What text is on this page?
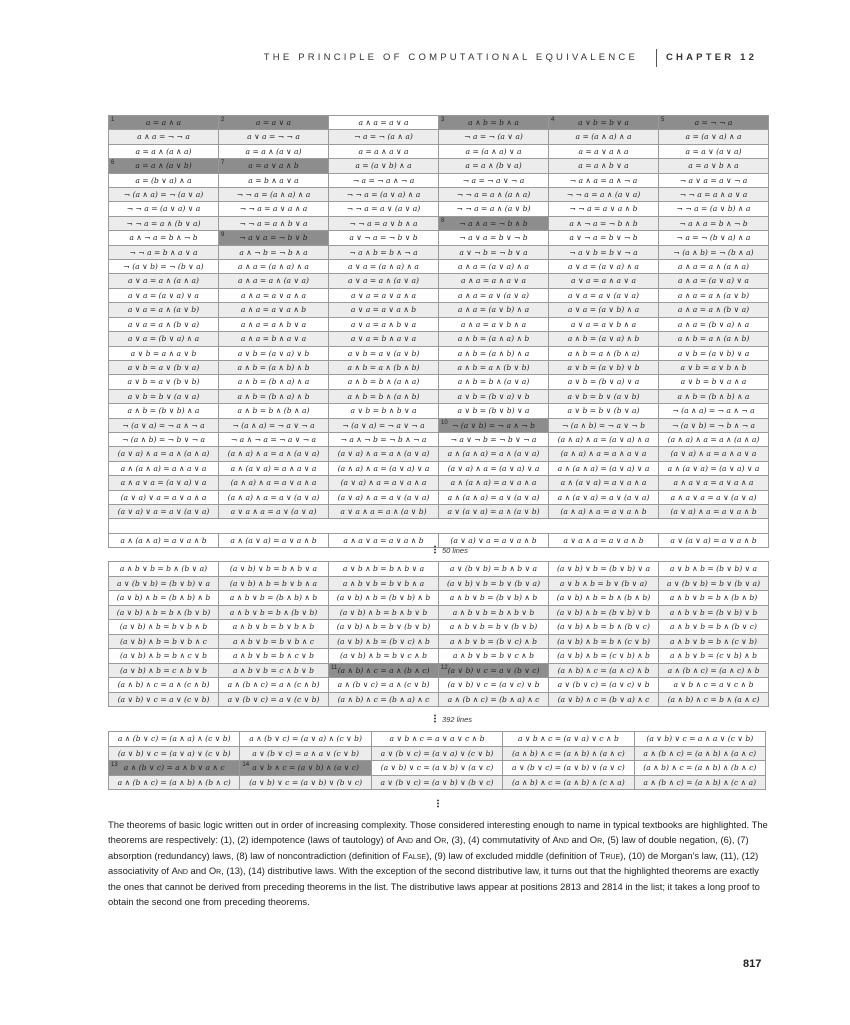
THE PRINCIPLE OF COMPUTATIONAL EQUIVALENCE	CHAPTER 12
1	a = a ∧ a	2	a = a ∨ a	a ∧ a = a ∨ a	3	a ∧ b = b ∧ a	4	a ∨ b = b ∨ a	5	a = ¬ ¬ a
a ∧ a = ¬ ¬ a	a ∨ a = ¬ ¬ a	¬ a = ¬ (a ∧ a)	¬ a = ¬ (a ∨ a)	a = (a ∧ a) ∧ a	a = (a ∨ a) ∧ a
a = a ∧ (a ∧ a)	a = a ∧ (a ∨ a)	a = a ∧ a ∨ a	a = (a ∧ a) ∨ a	a = a ∨ a ∧ a	a = a ∨ (a ∨ a)
6	a = a ∧ (a ∨ b)	7	a = a ∨ a ∧ b	a = (a ∨ b) ∧ a	a = a ∧ (b ∨ a)	a = a ∧ b ∨ a	a = a ∨ b ∧ a
a = (b ∨ a) ∧ a	a = b ∧ a ∨ a	¬ a = ¬ a ∧ ¬ a	¬ a = ¬ a ∨ ¬ a	¬ a ∧ a = a ∧ ¬ a	¬ a ∨ a = a ∨ ¬ a
¬ (a ∧ a) = ¬ (a ∨ a)	¬ ¬ a = (a ∧ a) ∧ a	¬ ¬ a = (a ∨ a) ∧ a	¬ ¬ a = a ∧ (a ∧ a)	¬ ¬ a = a ∧ (a ∨ a)	¬ ¬ a = a ∧ a ∨ a
¬ ¬ a = (a ∨ a) ∨ a	¬ ¬ a = a ∨ a ∧ a	¬ ¬ a = a ∨ (a ∨ a)	¬ ¬ a = a ∧ (a ∨ b)	¬ ¬ a = a ∨ a ∧ b	¬ ¬ a = (a ∨ b) ∧ a
¬ ¬ a = a ∧ (b ∨ a)	¬ ¬ a = a ∧ b ∨ a	¬ ¬ a = a ∨ b ∧ a	8 ¬ a ∧ a = ¬ b ∧ b	a ∧ ¬ a = ¬ b ∧ b	¬ a ∧ a = b ∧ ¬ b
a ∧ ¬ a = b ∧ ¬ b	9 ¬ a ∨ a = ¬ b ∨ b	a ∨ ¬ a = ¬ b ∨ b	¬ a ∨ a = b ∨ ¬ b	a ∨ ¬ a = b ∨ ¬ b	¬ a = ¬ (b ∨ a) ∧ a
¬ ¬ a = b ∧ a ∨ a	a ∧ ¬ b = ¬ b ∧ a	¬ a ∧ b = b ∧ ¬ a	a ∨ ¬ b = ¬ b ∨ a	¬ a ∨ b = b ∨ ¬ a	¬ (a ∧ b) = ¬ (b ∧ a)
¬ (a ∨ b) = ¬ (b ∨ a)	a ∧ a = (a ∧ a) ∧ a	a ∨ a = (a ∧ a) ∧ a	a ∧ a = (a ∨ a) ∧ a	a ∨ a = (a ∨ a) ∧ a	a ∧ a = a ∧ (a ∧ a)
a ∨ a = a ∧ (a ∧ a)	a ∧ a = a ∧ (a ∨ a)	a ∨ a = a ∧ (a ∨ a)	a ∧ a = a ∧ a ∨ a	a ∨ a = a ∧ a ∨ a	a ∧ a = (a ∨ a) ∨ a
a ∨ a = (a ∨ a) ∨ a	a ∧ a = a ∨ a ∧ a	a ∨ a = a ∨ a ∧ a	a ∧ a = a ∨ (a ∨ a)	a ∨ a = a ∨ (a ∨ a)	a ∧ a = a ∧ (a ∨ b)
a ∨ a = a ∧ (a ∨ b)	a ∧ a = a ∨ a ∧ b	a ∨ a = a ∨ a ∧ b	a ∧ a = (a ∨ b) ∧ a	a ∨ a = (a ∨ b) ∧ a	a ∧ a = a ∧ (b ∨ a)
a ∨ a = a ∧ (b ∨ a)	a ∧ a = a ∧ b ∨ a	a ∨ a = a ∧ b ∨ a	a ∧ a = a ∨ b ∧ a	a ∨ a = a ∨ b ∧ a	a ∧ a = (b ∨ a) ∧ a
a ∨ a = (b ∨ a) ∧ a	a ∧ a = b ∧ a ∨ a	a ∨ a = b ∧ a ∨ a	a ∧ b = (a ∧ a) ∧ b	a ∧ b = (a ∨ a) ∧ b	a ∧ b = a ∧ (a ∧ b)
a ∨ b = a ∧ a ∨ b	a ∨ b = (a ∨ a) ∨ b	a ∨ b = a ∨ (a ∨ b)	a ∧ b = (a ∧ b) ∧ a	a ∧ b = a ∧ (b ∧ a)	a ∨ b = (a ∨ b) ∨ a
a ∨ b = a ∨ (b ∨ a)	a ∧ b = (a ∧ b) ∧ b	a ∧ b = a ∧ (b ∧ b)	a ∧ b = a ∧ (b ∨ b)	a ∨ b = (a ∨ b) ∨ b	a ∨ b = a ∨ b ∧ b
a ∨ b = a ∨ (b ∨ b)	a ∧ b = (b ∧ a) ∧ a	a ∧ b = b ∧ (a ∧ a)	a ∧ b = b ∧ (a ∨ a)	a ∨ b = (b ∨ a) ∨ a	a ∨ b = b ∨ a ∧ a
a ∨ b = b ∨ (a ∨ a)	a ∧ b = (b ∧ a) ∧ b	a ∧ b = b ∧ (a ∧ b)	a ∨ b = (b ∨ a) ∨ b	a ∨ b = b ∨ (a ∨ b)	a ∧ b = (b ∧ b) ∧ a
a ∧ b = (b ∨ b) ∧ a	a ∧ b = b ∧ (b ∧ a)	a ∨ b = b ∧ b ∨ a	a ∨ b = (b ∨ b) ∨ a	a ∨ b = b ∨ (b ∨ a)	¬ (a ∧ a) = ¬ a ∧ ¬ a
¬ (a ∨ a) = ¬ a ∧ ¬ a	¬ (a ∧ a) = ¬ a ∨ ¬ a	¬ (a ∨ a) = ¬ a ∨ ¬ a	10 ¬ (a ∨ b) = ¬ a ∧ ¬ b	¬ (a ∧ b) = ¬ a ∨ ¬ b	¬ (a ∨ b) = ¬ b ∧ ¬ a
¬ (a ∧ b) = ¬ b ∨ ¬ a	¬ a ∧ ¬ a = ¬ a ∨ ¬ a	¬ a ∧ ¬ b = ¬ b ∧ ¬ a	¬ a ∨ ¬ b = ¬ b ∨ ¬ a	(a ∧ a) ∧ a = (a ∨ a) ∧ a	(a ∧ a) ∧ a = a ∧ (a ∧ a)
(a ∨ a) ∧ a = a ∧ (a ∧ a)	(a ∧ a) ∧ a = a ∧ (a ∨ a)	(a ∨ a) ∧ a = a ∧ (a ∨ a)	a ∧ (a ∧ a) = a ∧ (a ∨ a)	(a ∧ a) ∧ a = a ∧ a ∨ a	(a ∨ a) ∧ a = a ∧ a ∨ a
a ∧ (a ∧ a) = a ∧ a ∨ a	a ∧ (a ∨ a) = a ∧ a ∨ a	(a ∧ a) ∧ a = (a ∨ a) ∨ a	(a ∨ a) ∧ a = (a ∨ a) ∨ a	a ∧ (a ∧ a) = (a ∨ a) ∨ a	a ∧ (a ∨ a) = (a ∨ a) ∨ a
a ∧ a ∨ a = (a ∨ a) ∨ a	(a ∧ a) ∧ a = a ∨ a ∧ a	(a ∨ a) ∧ a = a ∨ a ∧ a	a ∧ (a ∧ a) = a ∨ a ∧ a	a ∧ (a ∨ a) = a ∨ a ∧ a	a ∧ a ∨ a = a ∨ a ∧ a
(a ∨ a) ∨ a = a ∨ a ∧ a	(a ∧ a) ∧ a = a ∨ (a ∨ a)	(a ∨ a) ∧ a = a ∨ (a ∨ a)	a ∧ (a ∧ a) = a ∨ (a ∨ a)	a ∧ (a ∨ a) = a ∨ (a ∨ a)	a ∧ a ∨ a = a ∨ (a ∨ a)
(a ∨ a) ∨ a = a ∨ (a ∨ a)	a ∨ a ∧ a = a ∨ (a ∨ a)	a ∨ a ∧ a = a ∧ (a ∨ b)	a ∨ (a ∨ a) = a ∧ (a ∨ b)	(a ∧ a) ∧ a = a ∨ a ∧ b	(a ∨ a) ∧ a = a ∨ a ∧ b
a ∧ (a ∧ a) = a ∨ a ∧ b	a ∧ (a ∨ a) = a ∨ a ∧ b	a ∧ a ∨ a = a ∨ a ∧ b	(a ∨ a) ∨ a = a ∨ a ∧ b	a ∨ a ∧ a = a ∨ a ∧ b	a ∨ (a ∨ a) = a ∨ a ∧ b
50 lines
a ∧ b ∨ b = b ∧ (b ∨ a)	(a ∨ b) ∨ b = b ∧ b ∨ a	a ∨ b ∧ b = b ∧ b ∨ a	a ∨ (b ∨ b) = b ∧ b ∨ a	(a ∨ b) ∨ b = (b ∨ b) ∨ a	a ∨ b ∧ b = (b ∨ b) ∨ a
a ∨ (b ∨ b) = (b ∨ b) ∨ a	(a ∨ b) ∧ b = b ∨ b ∧ a	a ∧ b ∨ b = b ∨ b ∧ a	(a ∨ b) ∨ b = b ∨ (b ∨ a)	a ∨ b ∧ b = b ∨ (b ∨ a)	a ∨ (b ∨ b) = b ∨ (b ∨ a)
(a ∨ b) ∧ b = (b ∧ b) ∧ b	a ∧ b ∨ b = (b ∧ b) ∧ b	(a ∨ b) ∧ b = (b ∨ b) ∧ b	a ∧ b ∨ b = (b ∨ b) ∧ b	(a ∨ b) ∧ b = b ∧ (b ∧ b)	a ∧ b ∨ b = b ∧ (b ∧ b)
(a ∨ b) ∧ b = b ∧ (b ∨ b)	a ∧ b ∨ b = b ∧ (b ∨ b)	(a ∨ b) ∧ b = b ∧ b ∨ b	a ∧ b ∨ b = b ∧ b ∨ b	(a ∨ b) ∧ b = (b ∨ b) ∨ b	a ∧ b ∨ b = (b ∨ b) ∨ b
(a ∨ b) ∧ b = b ∨ b ∧ b	a ∧ b ∨ b = b ∨ b ∧ b	(a ∨ b) ∧ b = b ∨ (b ∨ b)	a ∧ b ∨ b = b ∨ (b ∨ b)	(a ∨ b) ∧ b = b ∧ (b ∨ c)	a ∧ b ∨ b = b ∧ (b ∨ c)
(a ∨ b) ∧ b = b ∨ b ∧ c	a ∧ b ∨ b = b ∨ b ∧ c	(a ∨ b) ∧ b = (b ∨ c) ∧ b	a ∧ b ∨ b = (b ∨ c) ∧ b	(a ∨ b) ∧ b = b ∧ (c ∨ b)	a ∧ b ∨ b = b ∧ (c ∨ b)
(a ∨ b) ∧ b = b ∧ c ∨ b	a ∧ b ∨ b = b ∧ c ∨ b	(a ∨ b) ∧ b = b ∨ c ∧ b	a ∧ b ∨ b = b ∨ c ∧ b	(a ∨ b) ∧ b = (c ∨ b) ∧ b	a ∧ b ∨ b = (c ∨ b) ∧ b
(a ∨ b) ∧ b = c ∧ b ∨ b	a ∧ b ∨ b = c ∧ b ∨ b	11 (a ∧ b) ∧ c = a ∧ (b ∧ c)	12 (a ∨ b) ∨ c = a ∨ (b ∨ c)	(a ∧ b) ∧ c = (a ∧ c) ∧ b	a ∧ (b ∧ c) = (a ∧ c) ∧ b
(a ∧ b) ∧ c = a ∧ (c ∧ b)	a ∧ (b ∧ c) = a ∧ (c ∧ b)	a ∧ (b ∨ c) = a ∧ (c ∨ b)	(a ∨ b) ∨ c = (a ∨ c) ∨ b	a ∨ (b ∨ c) = (a ∨ c) ∨ b	a ∨ b ∧ c = a ∨ c ∧ b
(a ∨ b) ∨ c = a ∨ (c ∨ b)	a ∨ (b ∨ c) = a ∨ (c ∨ b)	(a ∧ b) ∧ c = (b ∧ a) ∧ c	a ∧ (b ∧ c) = (b ∧ a) ∧ c	(a ∨ b) ∧ c = (b ∨ a) ∧ c	(a ∧ b) ∧ c = b ∧ (a ∧ c)
392 lines
a ∧ (b ∨ c) = (a ∧ a) ∧ (c ∨ b)	a ∧ (b ∨ c) = (a ∨ a) ∧ (c ∨ b)	a ∨ b ∧ c = a ∨ a ∨ c ∧ b	a ∨ b ∧ c = (a ∨ a) ∨ c ∧ b	(a ∨ b) ∨ c = a ∧ a ∨ (c ∨ b)
(a ∨ b) ∨ c = (a ∨ a) ∨ (c ∨ b)	a ∨ (b ∨ c) = a ∧ a ∨ (c ∨ b)	a ∨ (b ∨ c) = (a ∨ a) ∨ (c ∨ b)	(a ∧ b) ∧ c = (a ∧ b) ∧ (a ∧ c)	a ∧ (b ∧ c) = (a ∧ b) ∧ (a ∧ c)
13 a ∧ (b ∨ c) = a ∧ b ∨ a ∧ c	14 a ∨ b ∧ c = (a ∨ b) ∧ (a ∨ c)	(a ∨ b) ∨ c = (a ∨ b) ∨ (a ∨ c)	a ∨ (b ∨ c) = (a ∨ b) ∨ (a ∨ c)	(a ∧ b) ∧ c = (a ∧ b) ∧ (b ∧ c)
a ∧ (b ∧ c) = (a ∧ b) ∧ (b ∧ c)	(a ∨ b) ∨ c = (a ∨ b) ∨ (b ∨ c)	a ∨ (b ∨ c) = (a ∨ b) ∨ (b ∨ c)	(a ∧ b) ∧ c = (a ∧ b) ∧ (c ∧ a)	a ∧ (b ∧ c) = (a ∧ b) ∧ (c ∧ a)

The theorems of basic logic written out in order of increasing complexity. Those considered interesting enough to name in typical textbooks are highlighted. The theorems are respectively: (1), (2) idempotence (laws of tautology) of And and Or, (3), (4) commutativity of And and Or, (5) law of double negation, (6), (7) absorption (redundancy) laws, (8) law of noncontradiction (definition of False), (9) law of excluded middle (definition of True), (10) de Morgan's law, (11), (12) associativity of And and Or, (13), (14) distributive laws. With the exception of the second distributive law, it turns out that the highlighted theorems are exactly the ones that cannot be derived from preceding theorems in the list. The distributive laws appear at positions 2813 and 2814 in the list; it takes a long proof to obtain the second one from preceding theorems.

817
